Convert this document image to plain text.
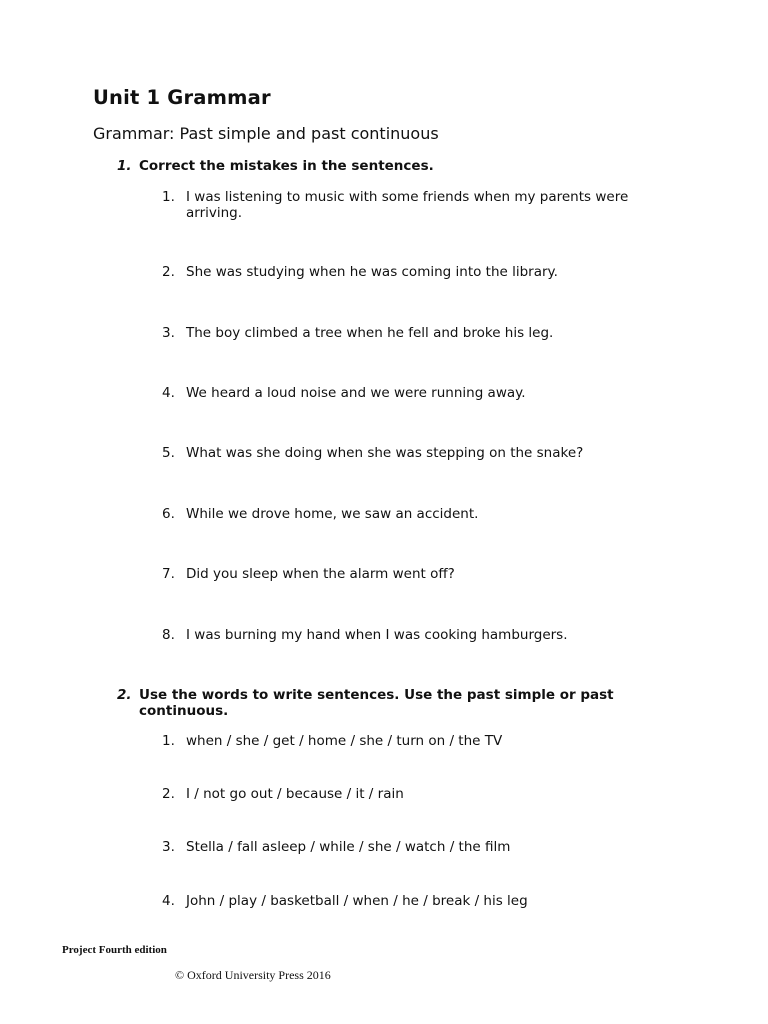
Unit 1 Grammar
Grammar: Past simple and past continuous
1. Correct the mistakes in the sentences.
1. I was listening to music with some friends when my parents were arriving.
2. She was studying when he was coming into the library.
3. The boy climbed a tree when he fell and broke his leg.
4. We heard a loud noise and we were running away.
5. What was she doing when she was stepping on the snake?
6. While we drove home, we saw an accident.
7. Did you sleep when the alarm went off?
8. I was burning my hand when I was cooking hamburgers.
2. Use the words to write sentences. Use the past simple or past continuous.
1. when / she / get / home / she / turn on / the TV
2. I / not go out / because / it / rain
3. Stella / fall asleep / while / she / watch / the film
4. John / play / basketball / when / he / break / his leg
Project Fourth edition
© Oxford University Press 2016
